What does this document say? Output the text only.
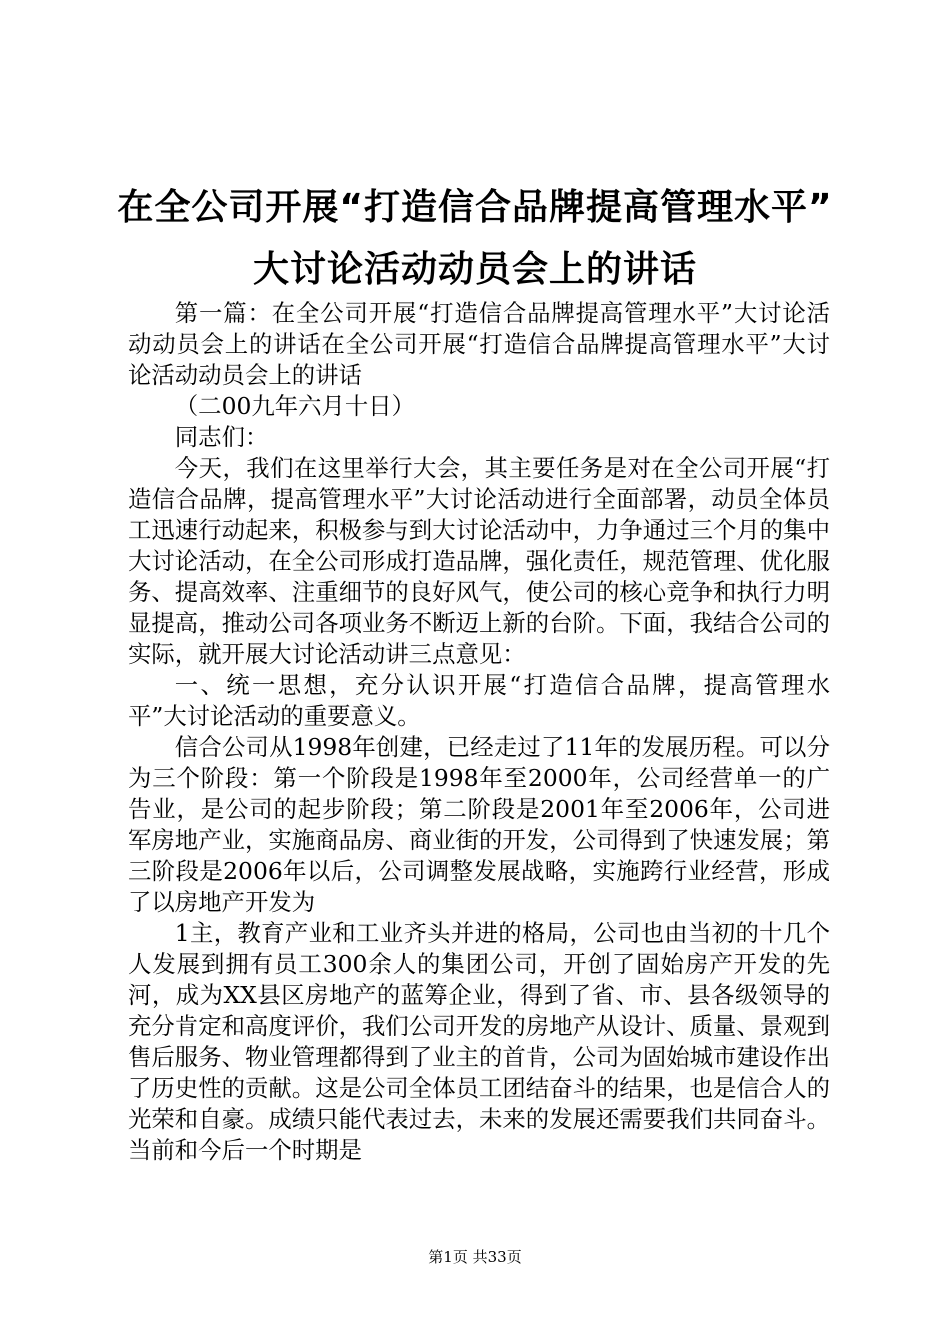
在全公司开展“打造信合品牌提高管理水平”
大讨论活动动员会上的讲话

第一篇：在全公司开展“打造信合品牌提高管理水平”大讨论活动动员会上的讲话在全公司开展“打造信合品牌提高管理水平”大讨论活动动员会上的讲话

（二00九年六月十日）

同志们：

今天，我们在这里举行大会，其主要任务是对在全公司开展“打造信合品牌，提高管理水平”大讨论活动进行全面部署，动员全体员工迅速行动起来，积极参与到大讨论活动中，力争通过三个月的集中大讨论活动，在全公司形成打造品牌，强化责任，规范管理、优化服务、提高效率、注重细节的良好风气，使公司的核心竞争和执行力明显提高，推动公司各项业务不断迈上新的台阶。下面，我结合公司的实际，就开展大讨论活动讲三点意见：

一、统一思想，充分认识开展“打造信合品牌，提高管理水平”大讨论活动的重要意义。

信合公司从1998年创建，已经走过了11年的发展历程。可以分为三个阶段：第一个阶段是1998年至2000年，公司经营单一的广告业，是公司的起步阶段；第二阶段是2001年至2006年，公司进军房地产业，实施商品房、商业街的开发，公司得到了快速发展；第三阶段是2006年以后，公司调整发展战略，实施跨行业经营，形成了以房地产开发为

1主，教育产业和工业齐头并进的格局，公司也由当初的十几个人发展到拥有员工300余人的集团公司，开创了固始房产开发的先河，成为XX县区房地产的蓝筹企业，得到了省、市、县各级领导的充分肯定和高度评价，我们公司开发的房地产从设计、质量、景观到售后服务、物业管理都得到了业主的首肯，公司为固始城市建设作出了历史性的贡献。这是公司全体员工团结奋斗的结果，也是信合人的光荣和自豪。成绩只能代表过去，未来的发展还需要我们共同奋斗。当前和今后一个时期是

第1页 共33页
